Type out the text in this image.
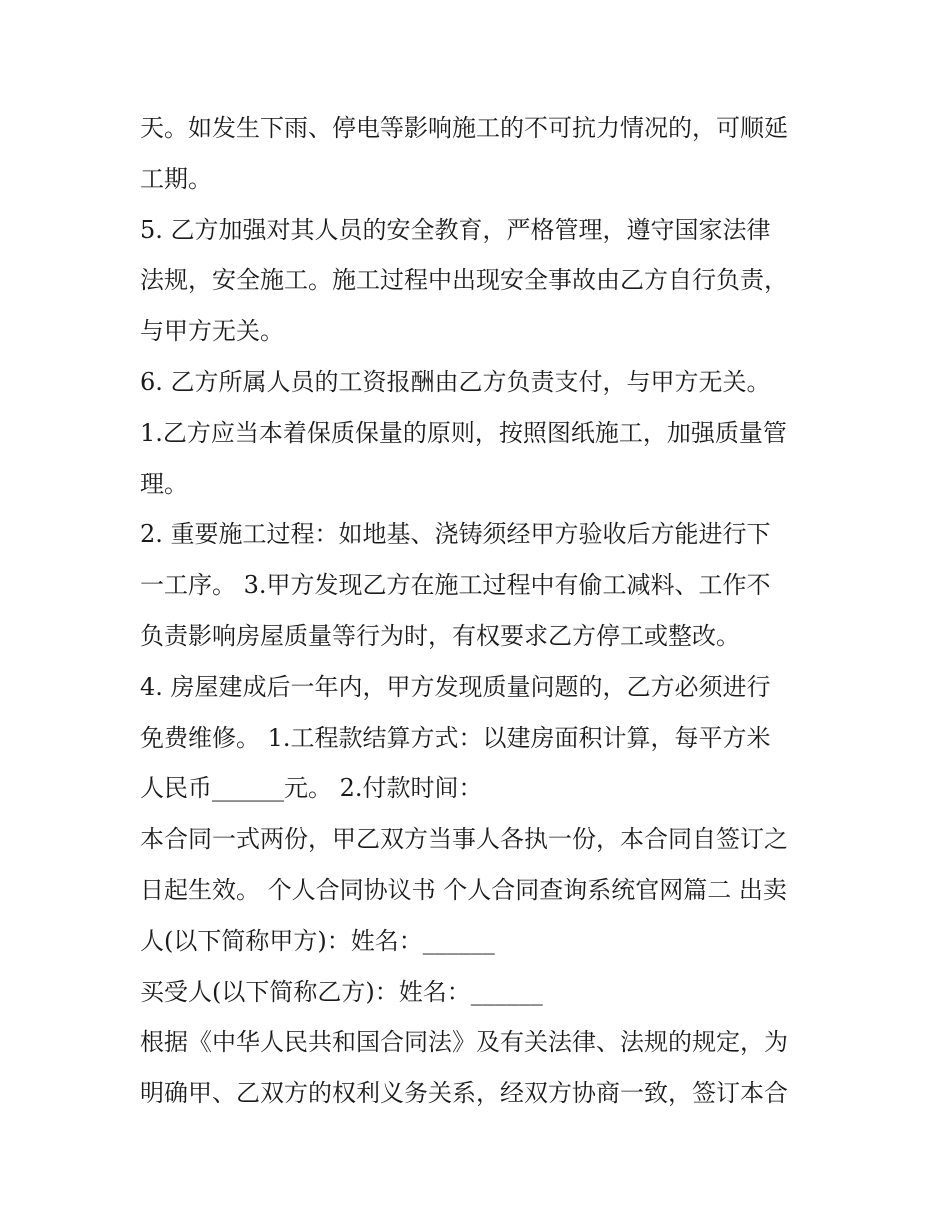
天。如发生下雨、停电等影响施工的不可抗力情况的，可顺延
工期。
5. 乙方加强对其人员的安全教育，严格管理，遵守国家法律
法规，安全施工。施工过程中出现安全事故由乙方自行负责，
与甲方无关。
6. 乙方所属人员的工资报酬由乙方负责支付，与甲方无关。
1.乙方应当本着保质保量的原则，按照图纸施工，加强质量管
理。
2. 重要施工过程：如地基、浇铸须经甲方验收后方能进行下
一工序。 3.甲方发现乙方在施工过程中有偷工减料、工作不
负责影响房屋质量等行为时，有权要求乙方停工或整改。
4. 房屋建成后一年内，甲方发现质量问题的，乙方必须进行
免费维修。 1.工程款结算方式：以建房面积计算，每平方米
人民币______元。 2.付款时间：
本合同一式两份，甲乙双方当事人各执一份，本合同自签订之
日起生效。 个人合同协议书 个人合同查询系统官网篇二 出卖
人(以下简称甲方)：姓名：______
买受人(以下简称乙方)：姓名：______
根据《中华人民共和国合同法》及有关法律、法规的规定，为
明确甲、乙双方的权利义务关系，经双方协商一致，签订本合
